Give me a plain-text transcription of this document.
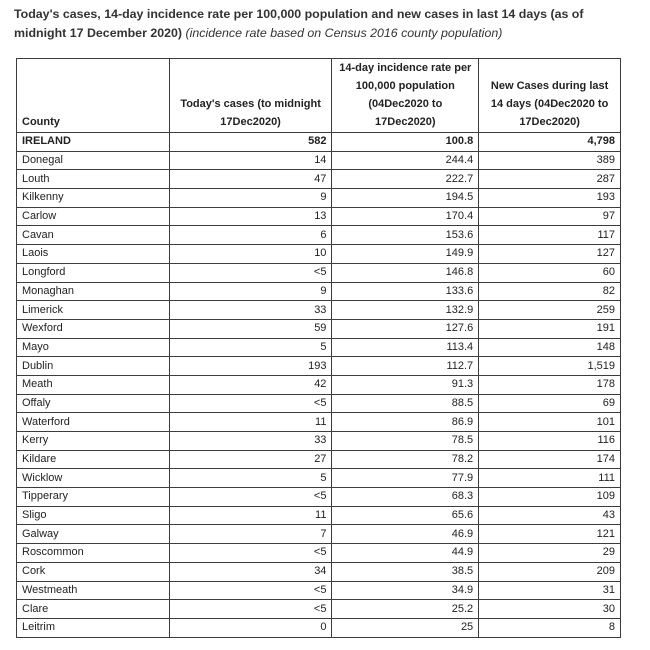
Today's cases, 14-day incidence rate per 100,000 population and new cases in last 14 days (as of midnight 17 December 2020) (incidence rate based on Census 2016 county population)
County	Today's cases (to midnight 17Dec2020)	14-day incidence rate per 100,000 population (04Dec2020 to 17Dec2020)	New Cases during last 14 days (04Dec2020 to 17Dec2020)
IRELAND	582	100.8	4,798
Donegal	14	244.4	389
Louth	47	222.7	287
Kilkenny	9	194.5	193
Carlow	13	170.4	97
Cavan	6	153.6	117
Laois	10	149.9	127
Longford	<5	146.8	60
Monaghan	9	133.6	82
Limerick	33	132.9	259
Wexford	59	127.6	191
Mayo	5	113.4	148
Dublin	193	112.7	1,519
Meath	42	91.3	178
Offaly	<5	88.5	69
Waterford	11	86.9	101
Kerry	33	78.5	116
Kildare	27	78.2	174
Wicklow	5	77.9	111
Tipperary	<5	68.3	109
Sligo	11	65.6	43
Galway	7	46.9	121
Roscommon	<5	44.9	29
Cork	34	38.5	209
Westmeath	<5	34.9	31
Clare	<5	25.2	30
Leitrim	0	25	8
